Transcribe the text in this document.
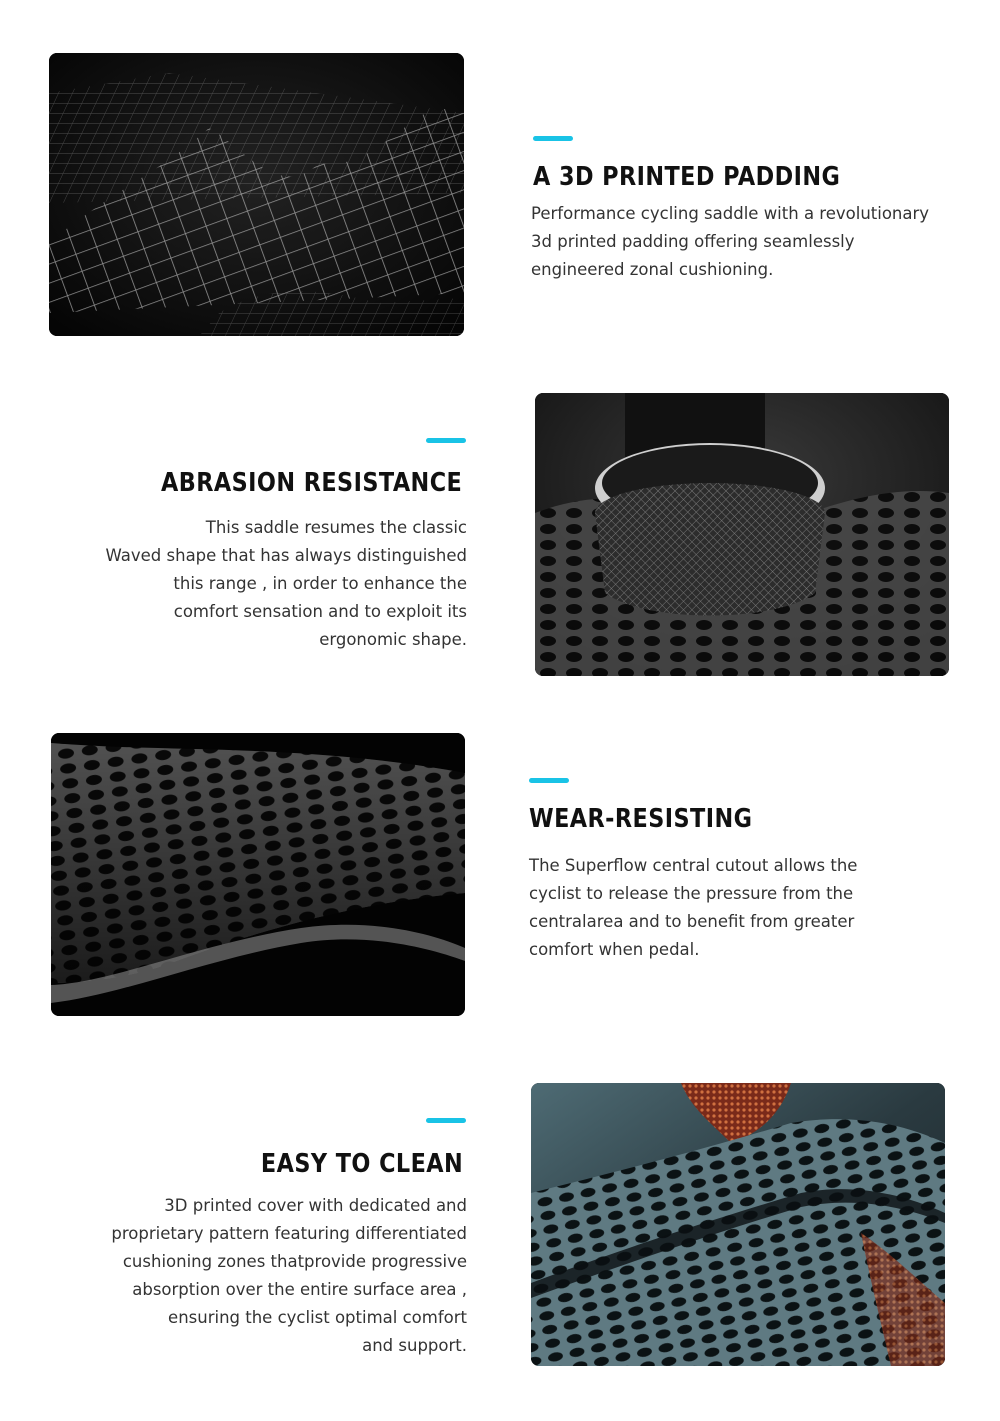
A 3D PRINTED PADDING

Performance cycling saddle with a revolutionary
3d printed padding offering seamlessly
engineered zonal cushioning.

ABRASION RESISTANCE

This saddle resumes the classic
Waved shape that has always distinguished
this range , in order to enhance the
comfort sensation and to exploit its
ergonomic shape.

WEAR-RESISTING

The Superflow central cutout allows the
cyclist to release the pressure from the
centralarea and to benefit from greater
comfort when pedal.

EASY TO CLEAN

3D printed cover with dedicated and
proprietary pattern featuring differentiated
cushioning zones thatprovide progressive
absorption over the entire surface area ,
ensuring the cyclist optimal comfort
and support.
